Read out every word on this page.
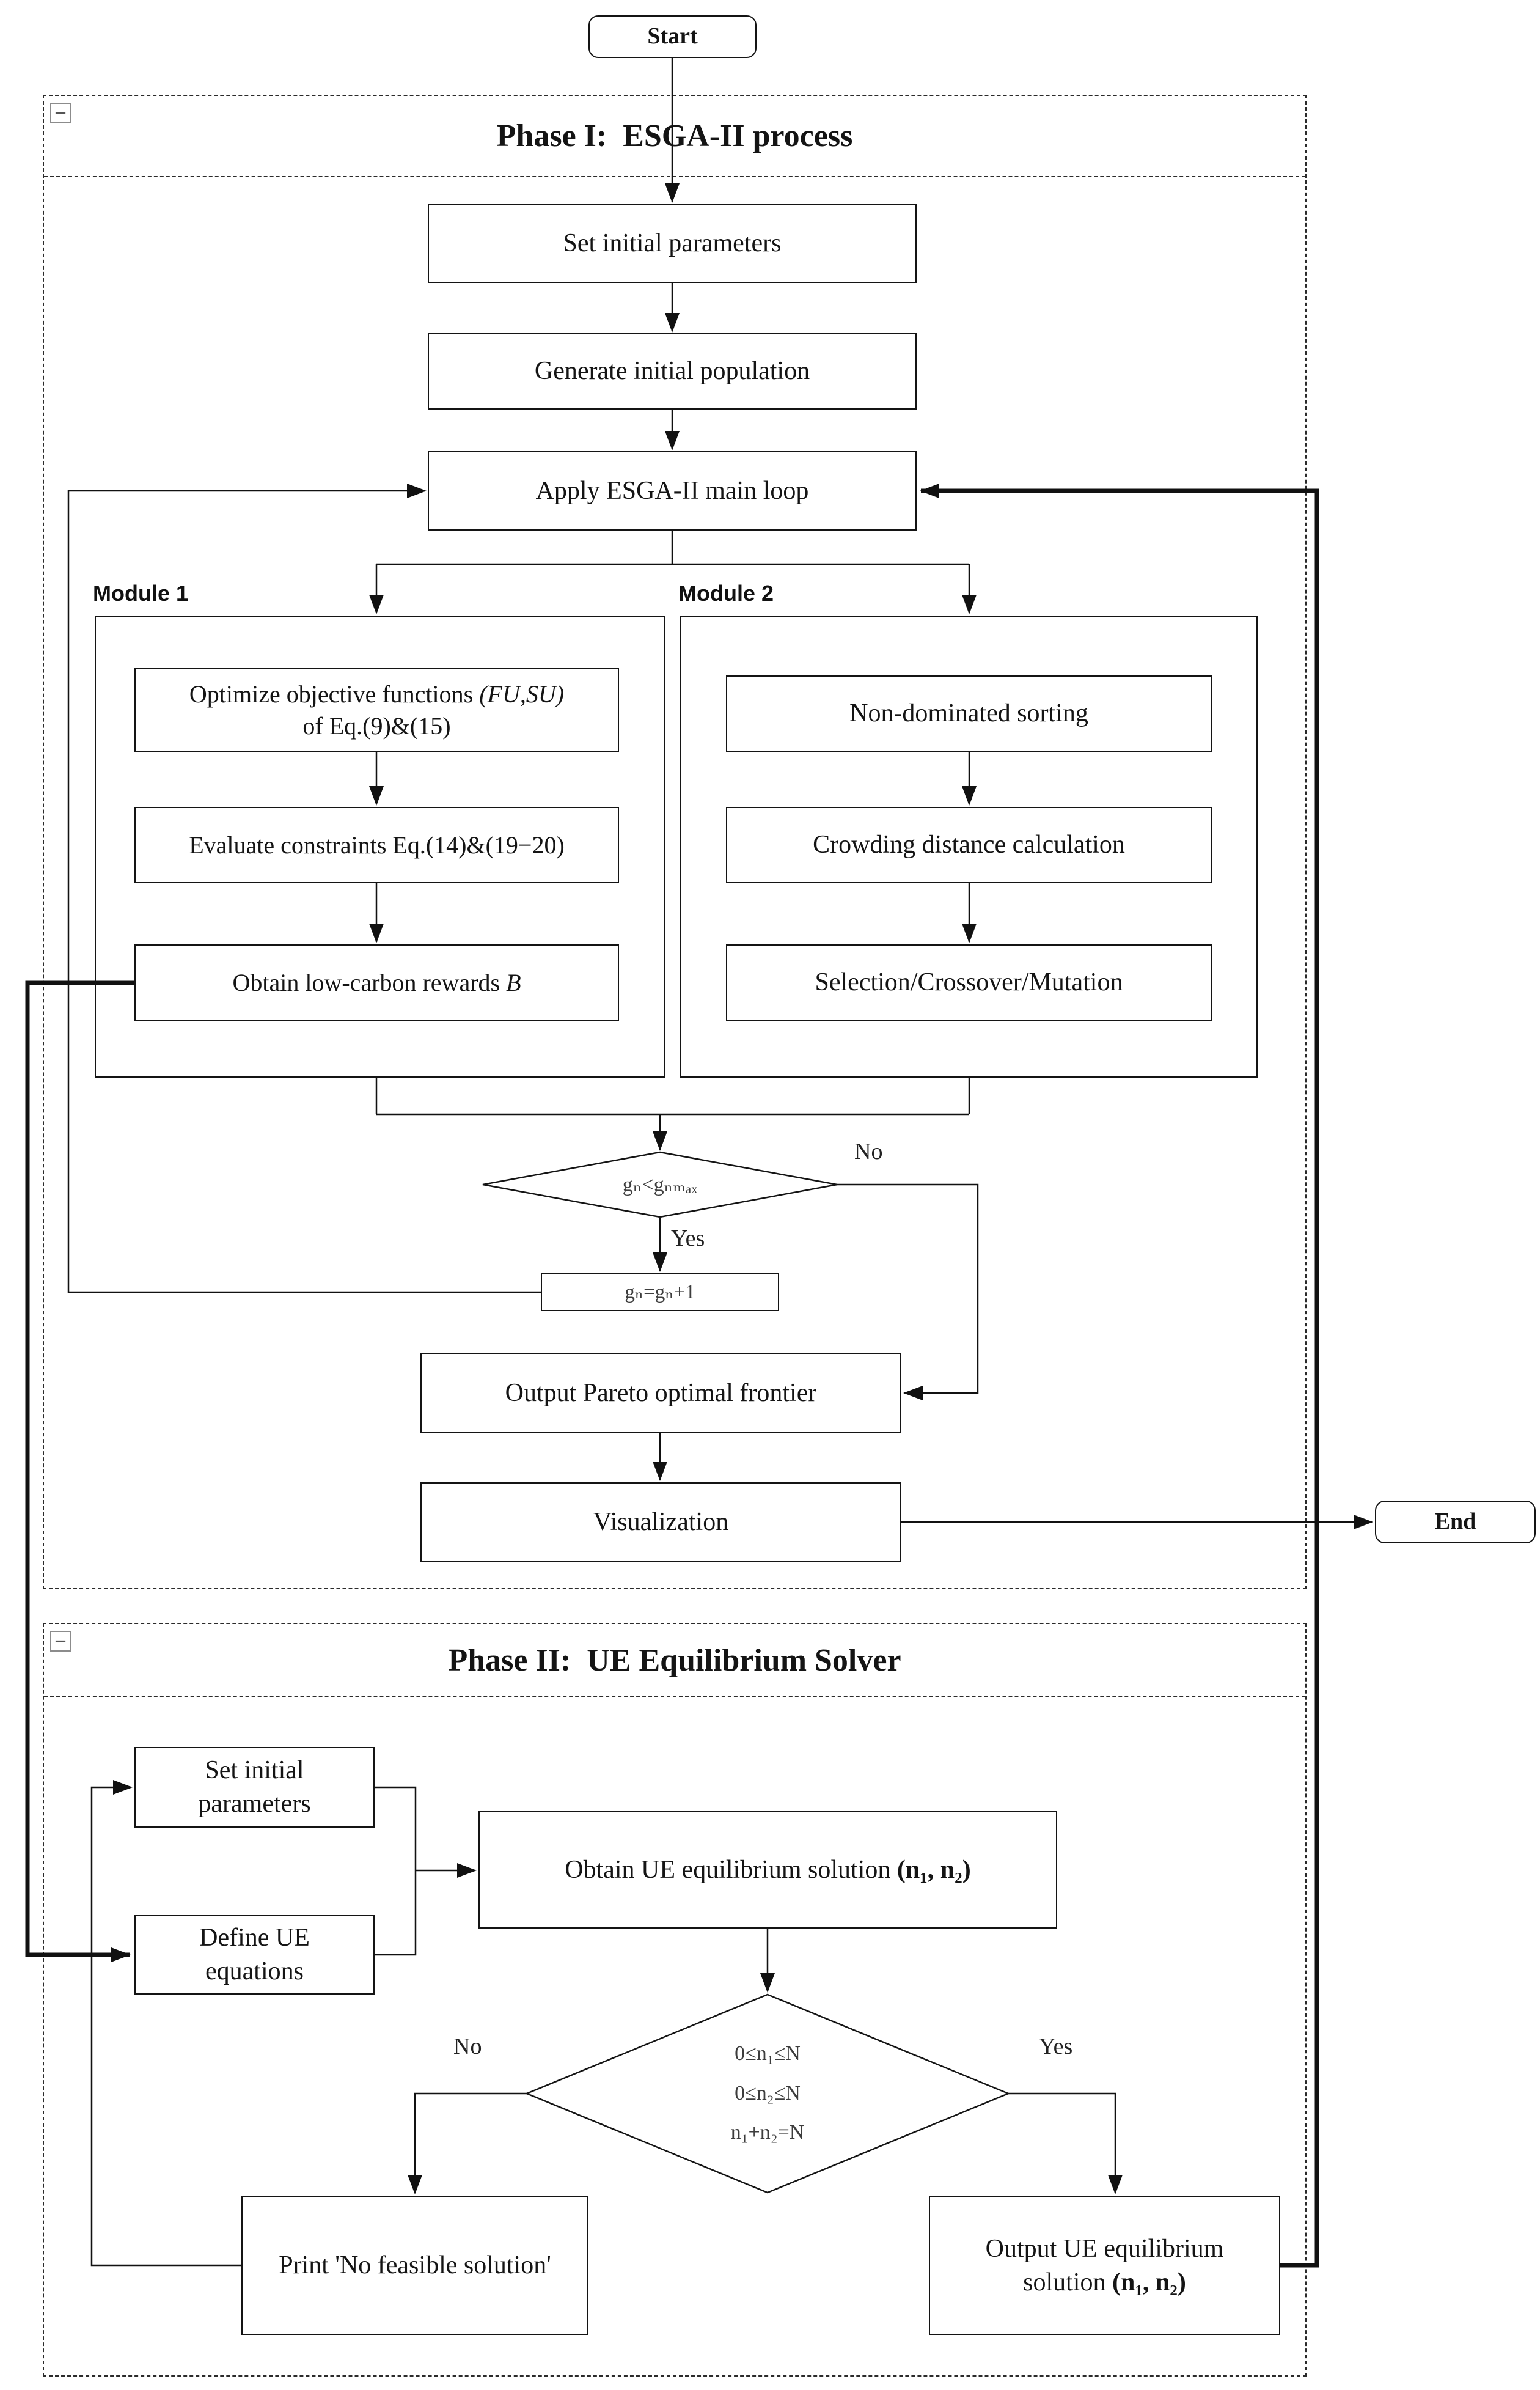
Phase I:  ESGA-II process
−
Phase II:  UE Equilibrium Solver
−
Start
End
Set initial parameters
Generate initial population
Apply ESGA-II main loop
Module 1
Optimize objective functions (FU,SU)
of Eq.(9)&(15)
Evaluate constraints Eq.(14)&(19−20)
Obtain low-carbon rewards B
Module 2
Non-dominated sorting
Crowding distance calculation
Selection/Crossover/Mutation
gₙ<gₙₘₐₓ
No
Yes
gₙ=gₙ+1
Output Pareto optimal frontier
Visualization
Set initial
parameters
Define UE
equations
Obtain UE equilibrium solution (n₁, n₂)
0≤n₁≤N
0≤n₂≤N
n₁+n₂=N
No	Yes
Print 'No feasible solution'
Output UE equilibrium
solution (n₁, n₂)
